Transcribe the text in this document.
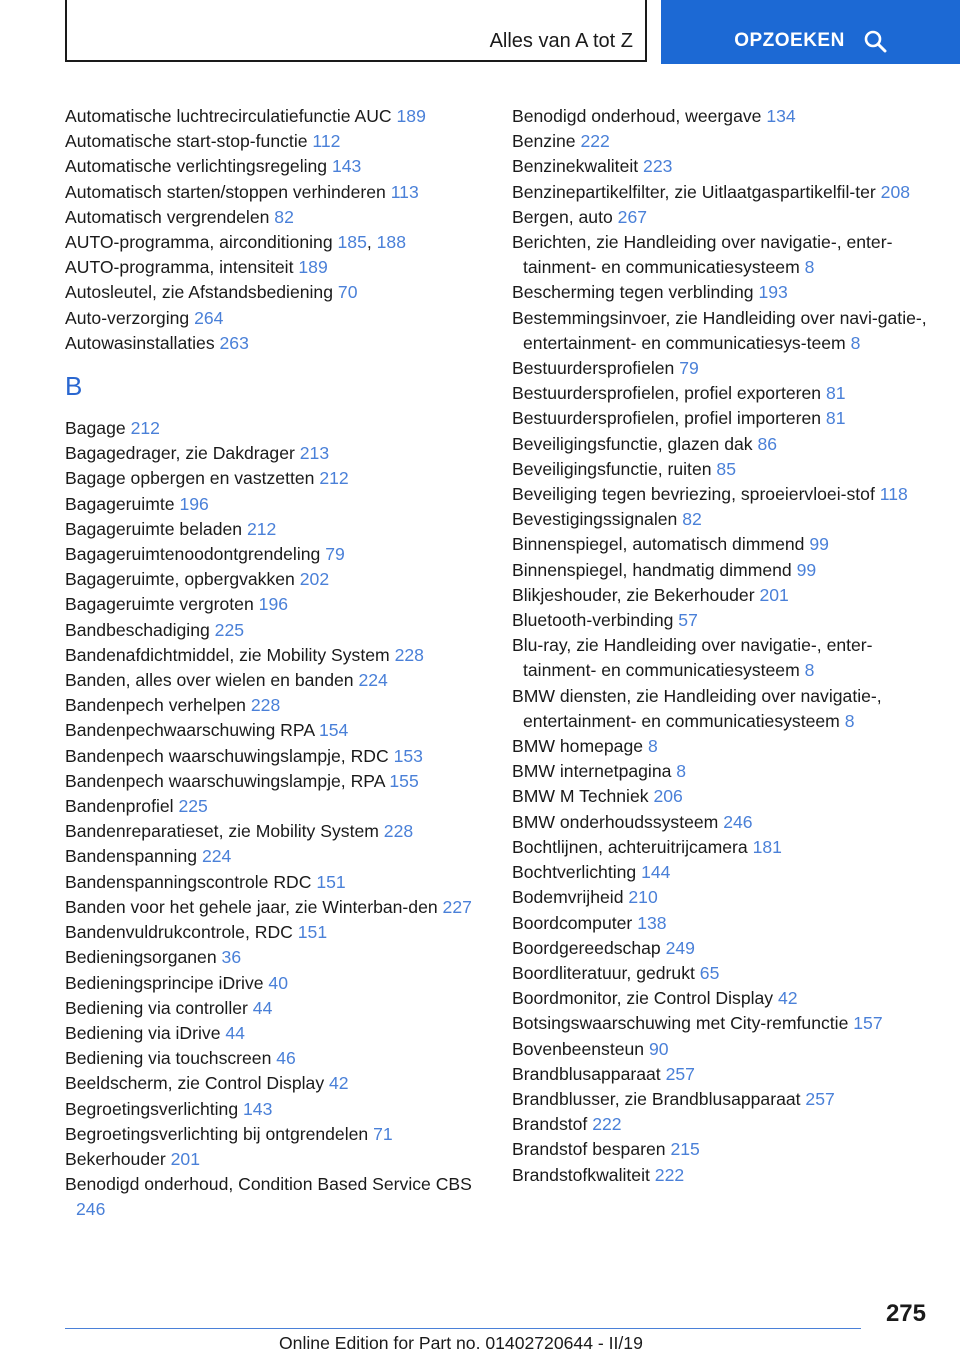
Alles van A tot Z	OPZOEKEN
Automatische luchtrecirculatiefunctie AUC 189
Automatische start-stop-functie 112
Automatische verlichtingsregeling 143
Automatisch starten/stoppen verhinderen 113
Automatisch vergrendelen 82
AUTO-programma, airconditioning 185, 188
AUTO-programma, intensiteit 189
Autosleutel, zie Afstandsbediening 70
Auto-verzorging 264
Autowasinstallaties 263
B
Bagage 212
Bagagedrager, zie Dakdrager 213
Bagage opbergen en vastzetten 212
Bagageruimte 196
Bagageruimte beladen 212
Bagageruimtenoodontgrendeling 79
Bagageruimte, opbergvakken 202
Bagageruimte vergroten 196
Bandbeschadiging 225
Bandenafdichtmiddel, zie Mobility System 228
Banden, alles over wielen en banden 224
Bandenpech verhelpen 228
Bandenpechwaarschuwing RPA 154
Bandenpech waarschuwingslampje, RDC 153
Bandenpech waarschuwingslampje, RPA 155
Bandenprofiel 225
Bandenreparatieset, zie Mobility System 228
Bandenspanning 224
Bandenspanningscontrole RDC 151
Banden voor het gehele jaar, zie Winterban-den 227
Bandenvuldrukcontrole, RDC 151
Bedieningsorganen 36
Bedieningsprincipe iDrive 40
Bediening via controller 44
Bediening via iDrive 44
Bediening via touchscreen 46
Beeldscherm, zie Control Display 42
Begroetingsverlichting 143
Begroetingsverlichting bij ontgrendelen 71
Bekerhouder 201
Benodigd onderhoud, Condition Based Service CBS 246
Benodigd onderhoud, weergave 134
Benzine 222
Benzinekwaliteit 223
Benzinepartikelfilter, zie Uitlaatgaspartikelfil-ter 208
Bergen, auto 267
Berichten, zie Handleiding over navigatie-, enter-tainment- en communicatiesysteem 8
Bescherming tegen verblinding 193
Bestemmingsinvoer, zie Handleiding over navi-gatie-, entertainment- en communicatiesys-teem 8
Bestuurdersprofielen 79
Bestuurdersprofielen, profiel exporteren 81
Bestuurdersprofielen, profiel importeren 81
Beveiligingsfunctie, glazen dak 86
Beveiligingsfunctie, ruiten 85
Beveiliging tegen bevriezing, sproeiervloei-stof 118
Bevestigingssignalen 82
Binnenspiegel, automatisch dimmend 99
Binnenspiegel, handmatig dimmend 99
Blikjeshouder, zie Bekerhouder 201
Bluetooth-verbinding 57
Blu-ray, zie Handleiding over navigatie-, enter-tainment- en communicatiesysteem 8
BMW diensten, zie Handleiding over navigatie-, entertainment- en communicatiesysteem 8
BMW homepage 8
BMW internetpagina 8
BMW M Techniek 206
BMW onderhoudssysteem 246
Bochtlijnen, achteruitrijcamera 181
Bochtverlichting 144
Bodemvrijheid 210
Boordcomputer 138
Boordgereedschap 249
Boordliteratuur, gedrukt 65
Boordmonitor, zie Control Display 42
Botsingswaarschuwing met City-remfunctie 157
Bovenbeensteun 90
Brandblusapparaat 257
Brandblusser, zie Brandblusapparaat 257
Brandstof 222
Brandstof besparen 215
Brandstofkwaliteit 222
275
Online Edition for Part no. 01402720644 - II/19
